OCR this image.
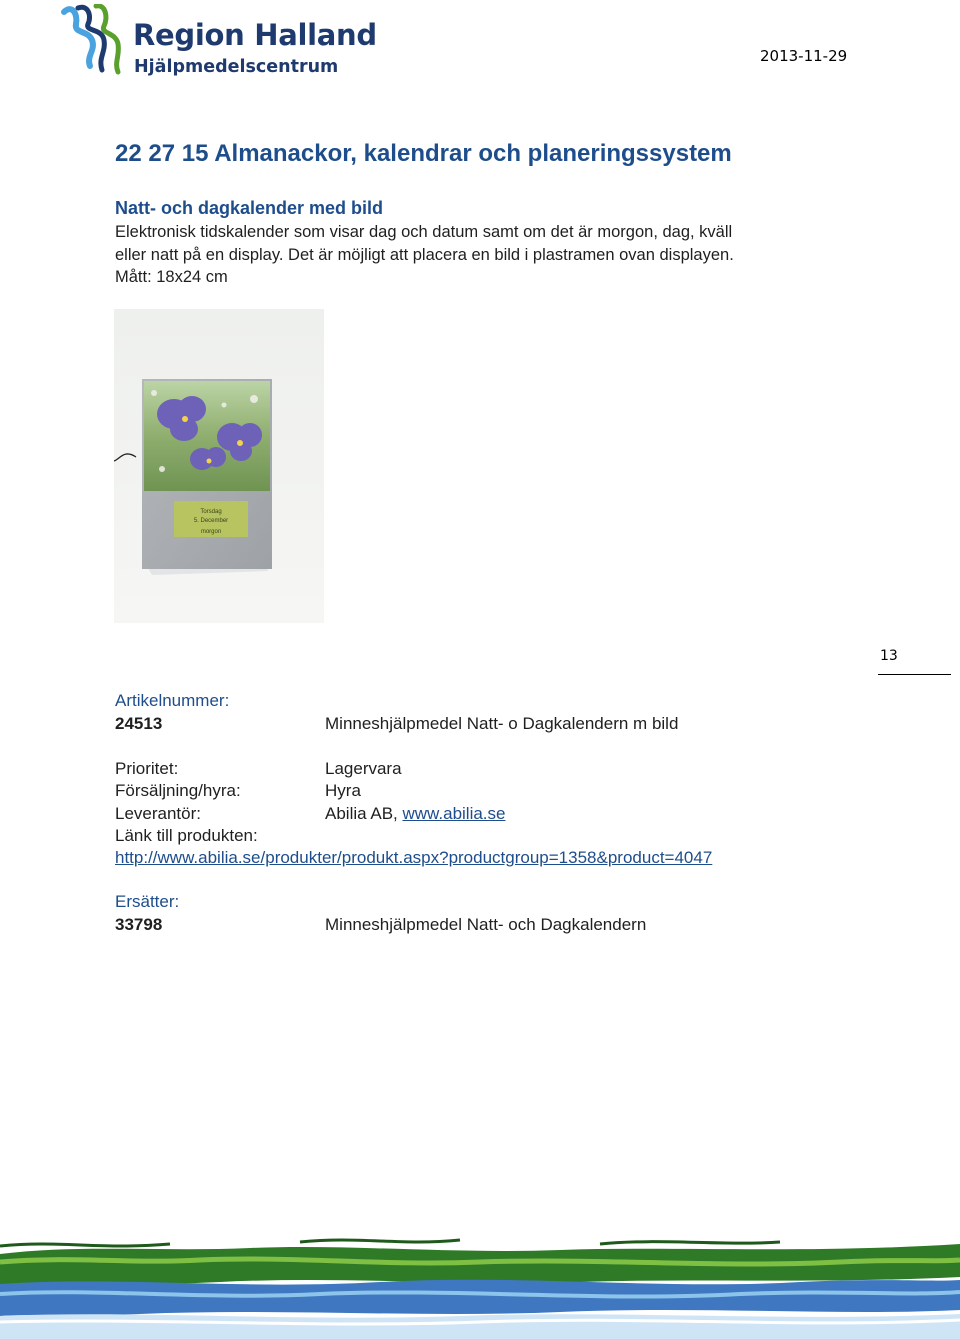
Region Halland
Hjälpmedelscentrum
2013-11-29
22 27 15 Almanackor, kalendrar och planeringssystem
Natt- och dagkalender med bild
Elektronisk tidskalender som visar dag och datum samt om det är morgon, dag, kväll
eller natt på en display. Det är möjligt att placera en bild i plastramen ovan displayen.
Mått: 18x24 cm
Torsdag
5. December
morgon
13
Artikelnummer:
24513	Minneshjälpmedel Natt- o Dagkalendern m bild
Prioritet:	Lagervara
Försäljning/hyra:	Hyra
Leverantör:	Abilia AB, www.abilia.se
Länk till produkten:
http://www.abilia.se/produkter/produkt.aspx?productgroup=1358&product=4047
Ersätter:
33798	Minneshjälpmedel Natt- och Dagkalendern
